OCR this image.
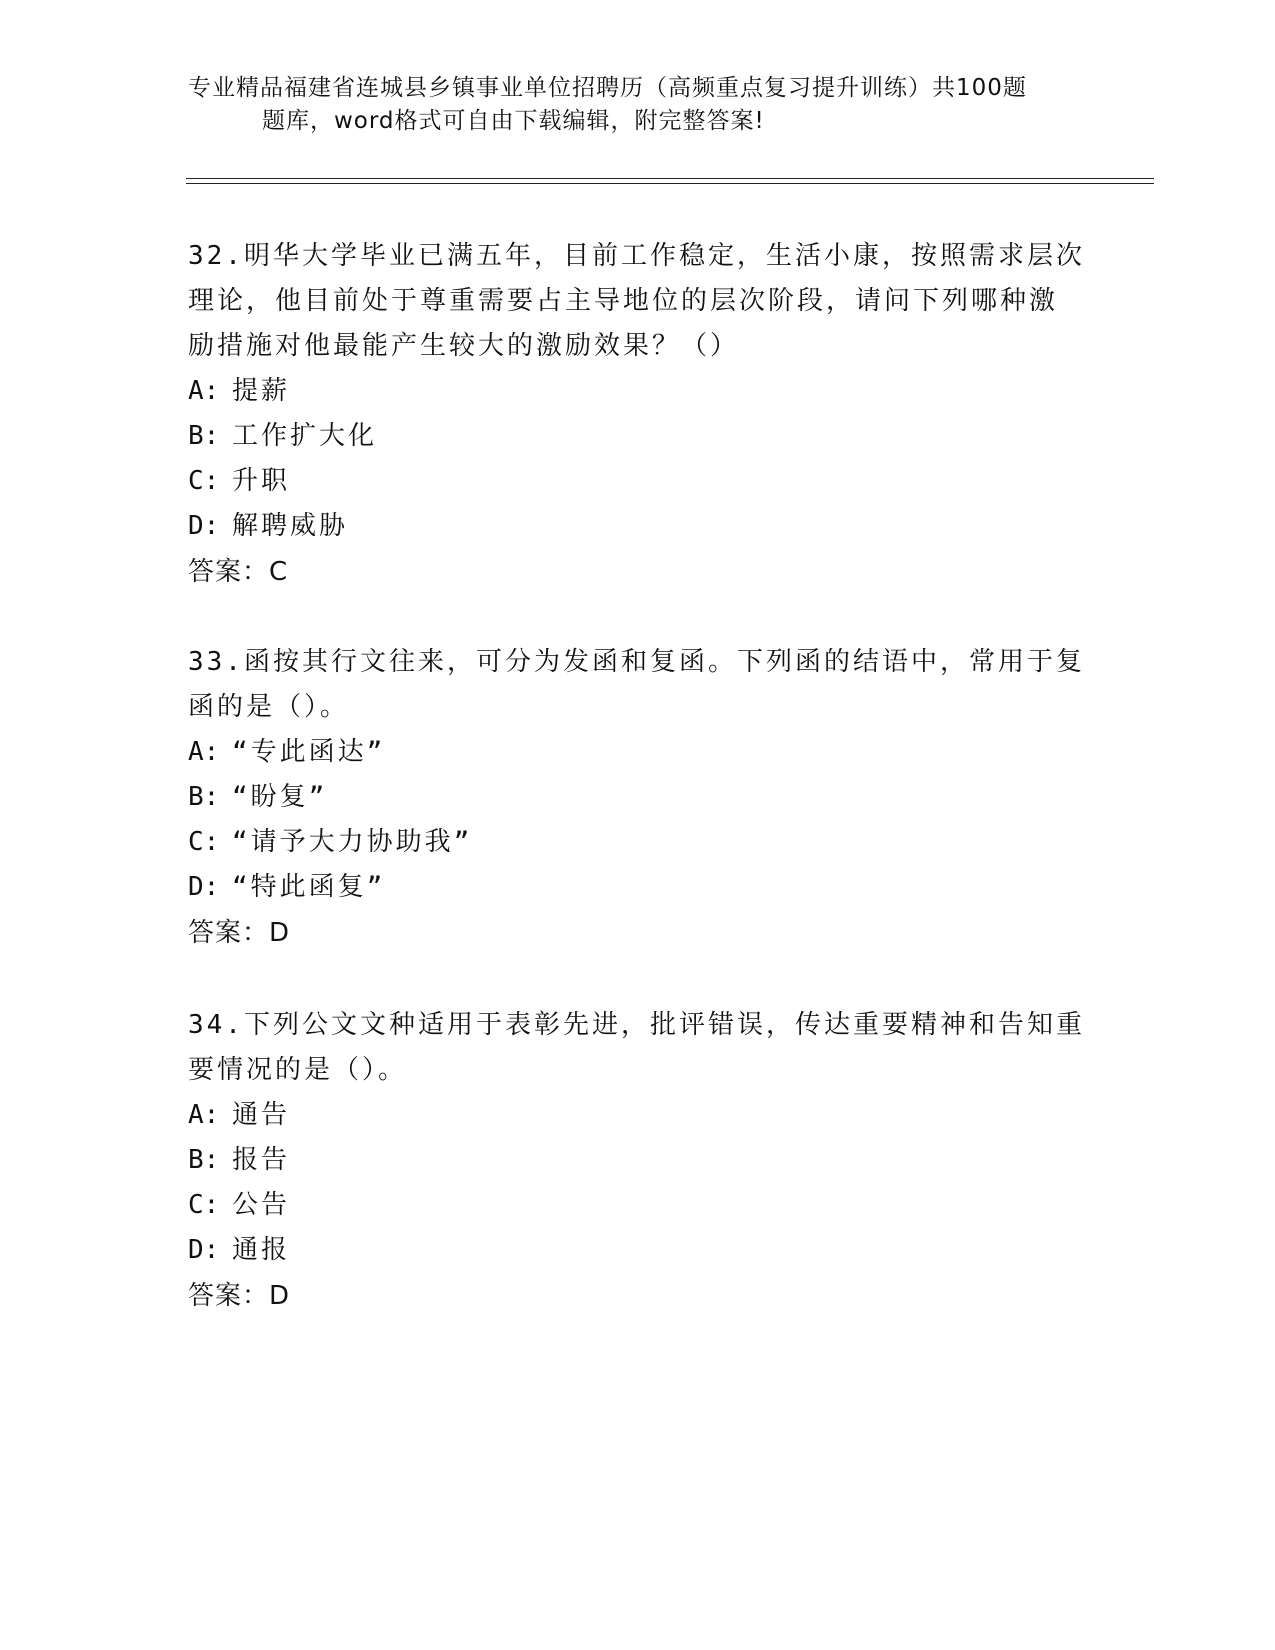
专业精品福建省连城县乡镇事业单位招聘历（高频重点复习提升训练）共100题
题库，word格式可自由下载编辑，附完整答案!

32.明华大学毕业已满五年，目前工作稳定，生活小康，按照需求层次

理论，他目前处于尊重需要占主导地位的层次阶段，请问下列哪种激

励措施对他最能产生较大的激励效果？（）

A: 提薪

B: 工作扩大化

C: 升职

D: 解聘威胁

答案：C

33.函按其行文往来，可分为发函和复函。下列函的结语中，常用于复

函的是（）。

A: “专此函达”

B: “盼复”

C: “请予大力协助我”

D: “特此函复”

答案：D

34.下列公文文种适用于表彰先进，批评错误，传达重要精神和告知重

要情况的是（）。

A: 通告

B: 报告

C: 公告

D: 通报

答案：D
